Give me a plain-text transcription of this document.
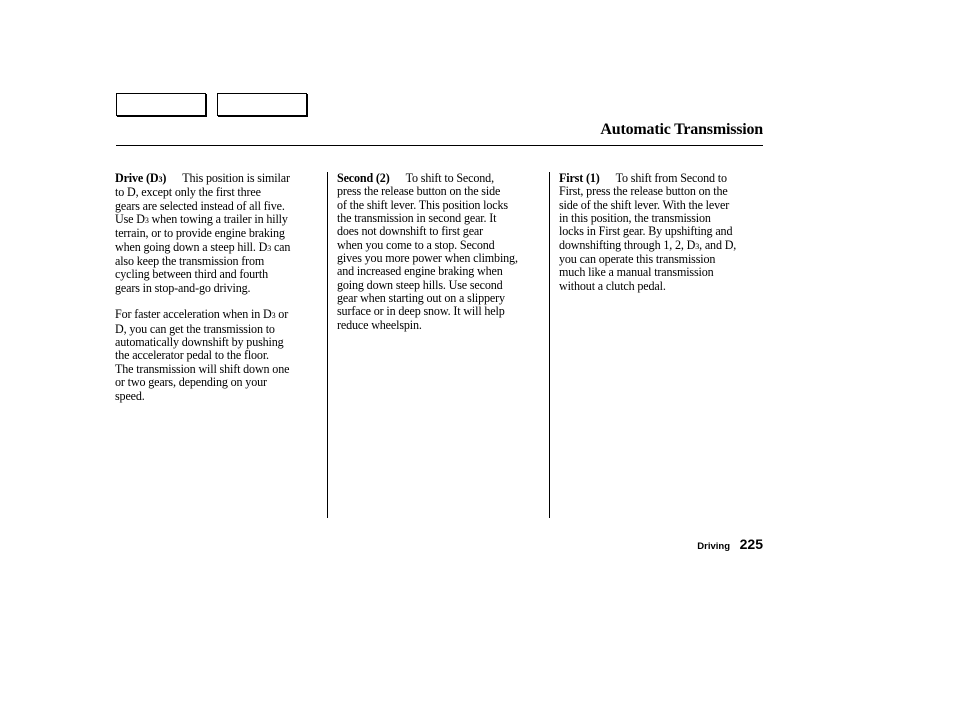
Automatic Transmission

Drive (D3) This position is similar
to D, except only the first three
gears are selected instead of all five.
Use D3 when towing a trailer in hilly
terrain, or to provide engine braking
when going down a steep hill. D3 can
also keep the transmission from
cycling between third and fourth
gears in stop-and-go driving.

For faster acceleration when in D3 or
D, you can get the transmission to
automatically downshift by pushing
the accelerator pedal to the floor.
The transmission will shift down one
or two gears, depending on your
speed.

Second (2) To shift to Second,
press the release button on the side
of the shift lever. This position locks
the transmission in second gear. It
does not downshift to first gear
when you come to a stop. Second
gives you more power when climbing,
and increased engine braking when
going down steep hills. Use second
gear when starting out on a slippery
surface or in deep snow. It will help
reduce wheelspin.

First (1) To shift from Second to
First, press the release button on the
side of the shift lever. With the lever
in this position, the transmission
locks in First gear. By upshifting and
downshifting through 1, 2, D3, and D,
you can operate this transmission
much like a manual transmission
without a clutch pedal.

Driving 225
